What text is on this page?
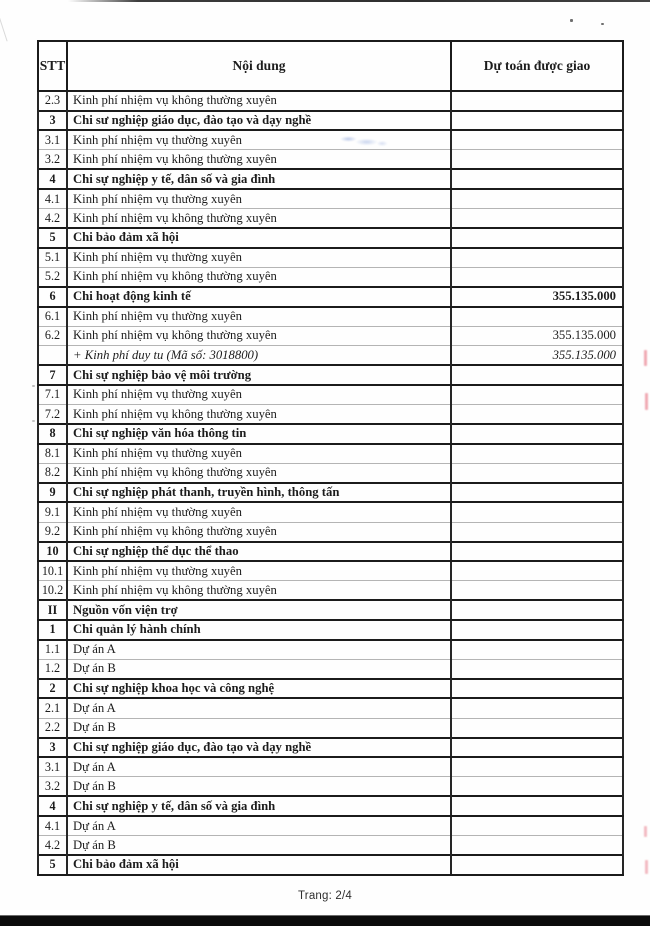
STT	Nội dung	Dự toán được giao
2.3	Kinh phí nhiệm vụ không thường xuyên	
3	Chi sư nghiệp giáo dục, đào tạo và dạy nghề	
3.1	Kinh phí nhiệm vụ thường xuyên	
3.2	Kinh phí nhiệm vụ không thường xuyên	
4	Chi sự nghiệp y tế, dân số và gia đình	
4.1	Kinh phí nhiệm vụ thường xuyên	
4.2	Kinh phí nhiệm vụ không thường xuyên	
5	Chi bảo đảm xã hội	
5.1	Kinh phí nhiệm vụ thường xuyên	
5.2	Kinh phí nhiệm vụ không thường xuyên	
6	Chi hoạt động kinh tế	355.135.000
6.1	Kinh phí nhiệm vụ thường xuyên	
6.2	Kinh phí nhiệm vụ không thường xuyên	355.135.000
	+ Kinh phí duy tu (Mã số: 3018800)	355.135.000
7	Chi sự nghiệp bảo vệ môi trường	
7.1	Kinh phí nhiệm vụ thường xuyên	
7.2	Kinh phí nhiệm vụ không thường xuyên	
8	Chi sự nghiệp văn hóa thông tin	
8.1	Kinh phí nhiệm vụ thường xuyên	
8.2	Kinh phí nhiệm vụ không thường xuyên	
9	Chi sự nghiệp phát thanh, truyền hình, thông tấn	
9.1	Kinh phí nhiệm vụ thường xuyên	
9.2	Kinh phí nhiệm vụ không thường xuyên	
10	Chi sự nghiệp thể dục thể thao	
10.1	Kinh phí nhiệm vụ thường xuyên	
10.2	Kinh phí nhiệm vụ không thường xuyên	
II	Nguồn vốn viện trợ	
1	Chi quản lý hành chính	
1.1	Dự án A	
1.2	Dự án B	
2	Chi sự nghiệp khoa học và công nghệ	
2.1	Dự án A	
2.2	Dự án B	
3	Chi sự nghiệp giáo dục, đào tạo và dạy nghề	
3.1	Dự án A	
3.2	Dự án B	
4	Chi sự nghiệp y tế, dân số và gia đình	
4.1	Dự án A	
4.2	Dự án B	
5	Chi bảo đảm xã hội	
Trang: 2/4
